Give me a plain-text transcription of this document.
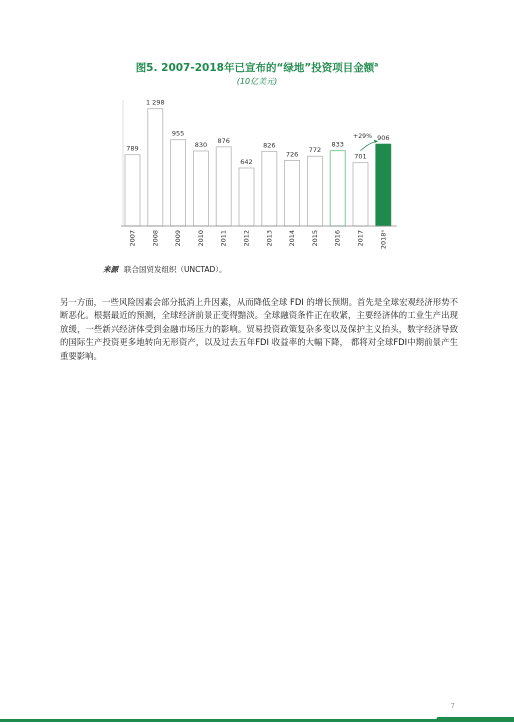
图5. 2007-2018年已宣布的“绿地”投资项目金额$^a$
(10亿美元)
789
2007
1 298
2008
955
2009
830
2010
876
2011
642
2012
826
2013
726
2014
772
2015
833
2016
701
2017
906
2018ᵃ
+29%
来源 联合国贸发组织（UNCTAD）。
另一方面，一些风险因素会部分抵消上升因素，从而降低全球 FDI 的增长预期。首先是全球宏观经济形势不断恶化。根据最近的预测，全球经济前景正变得黯淡。全球融资条件正在收紧，主要经济体的工业生产出现放缓，一些新兴经济体受到金融市场压力的影响。贸易投资政策复杂多变以及保护主义抬头，数字经济导致的国际生产投资更多地转向无形资产，以及过去五年FDI 收益率的大幅下降， 都将对全球FDI中期前景产生重要影响。
7
